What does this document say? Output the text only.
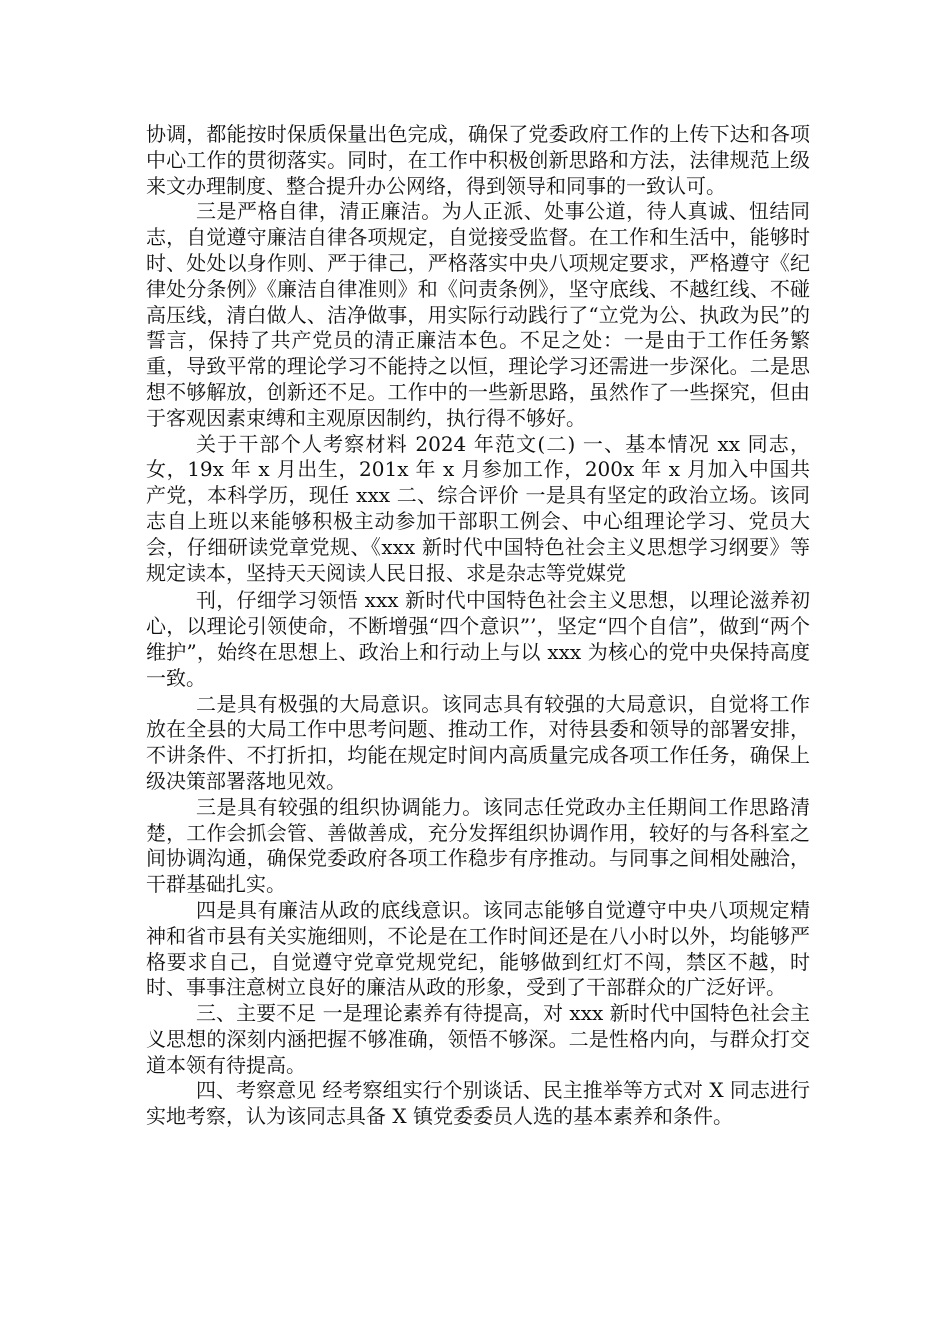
协调，都能按时保质保量出色完成，确保了党委政府工作的上传下达和各项中心工作的贯彻落实。同时，在工作中积极创新思路和方法，法律规范上级来文办理制度、整合提升办公网络，得到领导和同事的一致认可。

三是严格自律，清正廉洁。为人正派、处事公道，待人真诚、忸结同志，自觉遵守廉洁自律各项规定，自觉接受监督。在工作和生活中，能够时时、处处以身作则、严于律己，严格落实中央八项规定要求，严格遵守《纪律处分条例》《廉洁自律准则》和《问责条例》，坚守底线、不越红线、不碰高压线，清白做人、洁净做事，用实际行动践行了“立党为公、执政为民”的誓言，保持了共产党员的清正廉洁本色。不足之处：一是由于工作任务繁重，导致平常的理论学习不能持之以恒，理论学习还需进一步深化。二是思想不够解放，创新还不足。工作中的一些新思路，虽然作了一些探究，但由于客观因素束缚和主观原因制约，执行得不够好。

关于干部个人考察材料 2024 年范文(二) 一、基本情况 xx 同志，女，19x 年 x 月出生，201x 年 x 月参加工作，200x 年 x 月加入中国共产党，本科学历，现任 xxx 二、综合评价 一是具有坚定的政治立场。该同志自上班以来能够积极主动参加干部职工例会、中心组理论学习、党员大会，仔细研读党章党规、《xxx 新时代中国特色社会主义思想学习纲要》等规定读本，坚持天天阅读人民日报、求是杂志等党媒党

刊，仔细学习领悟 xxx 新时代中国特色社会主义思想，以理论滋养初心，以理论引领使命，不断增强“四个意识”’，坚定“四个自信”，做到“两个维护”，始终在思想上、政治上和行动上与以 xxx 为核心的党中央保持高度一致。

二是具有极强的大局意识。该同志具有较强的大局意识，自觉将工作放在全县的大局工作中思考问题、推动工作，对待县委和领导的部署安排，不讲条件、不打折扣，均能在规定时间内高质量完成各项工作任务，确保上级决策部署落地见效。

三是具有较强的组织协调能力。该同志任党政办主任期间工作思路清楚，工作会抓会管、善做善成，充分发挥组织协调作用，较好的与各科室之间协调沟通，确保党委政府各项工作稳步有序推动。与同事之间相处融洽，干群基础扎实。

四是具有廉洁从政的底线意识。该同志能够自觉遵守中央八项规定精神和省市县有关实施细则，不论是在工作时间还是在八小时以外，均能够严格要求自己，自觉遵守党章党规党纪，能够做到红灯不闯，禁区不越，时时、事事注意树立良好的廉洁从政的形象，受到了干部群众的广泛好评。

三、主要不足 一是理论素养有待提高，对 xxx 新时代中国特色社会主义思想的深刻内涵把握不够准确，领悟不够深。二是性格内向，与群众打交道本领有待提高。

四、考察意见 经考察组实行个别谈话、民主推举等方式对 X 同志进行实地考察，认为该同志具备 X 镇党委委员人选的基本素养和条件。
